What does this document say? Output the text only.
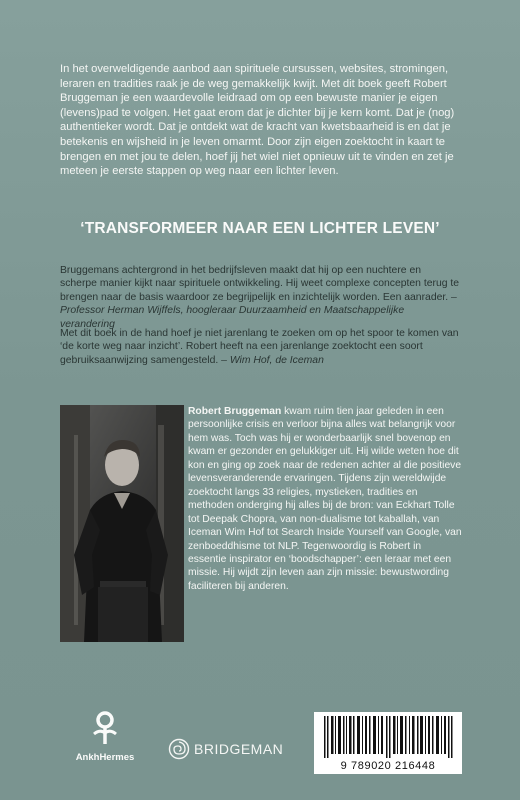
In het overweldigende aanbod aan spirituele cursussen, websites, stromingen, leraren en tradities raak je de weg gemakkelijk kwijt. Met dit boek geeft Robert Bruggeman je een waardevolle leidraad om op een bewuste manier je eigen (levens)pad te volgen. Het gaat erom dat je dichter bij je kern komt. Dat je (nog) authentieker wordt. Dat je ontdekt wat de kracht van kwetsbaarheid is en dat je betekenis en wijsheid in je leven omarmt. Door zijn eigen zoektocht in kaart te brengen en met jou te delen, hoef jij het wiel niet opnieuw uit te vinden en zet je meteen je eerste stappen op weg naar een lichter leven.

‘TRANSFORMEER NAAR EEN LICHTER LEVEN’

Bruggemans achtergrond in het bedrijfsleven maakt dat hij op een nuchtere en scherpe manier kijkt naar spirituele ontwikkeling. Hij weet complexe concepten terug te brengen naar de basis waardoor ze begrijpelijk en inzichtelijk worden. Een aanrader. – Professor Herman Wijffels, hoogleraar Duurzaamheid en Maatschappelijke verandering

Met dit boek in de hand hoef je niet jarenlang te zoeken om op het spoor te komen van ‘de korte weg naar inzicht’. Robert heeft na een jarenlange zoektocht een soort gebruiksaanwijzing samengesteld. – Wim Hof, de Iceman

Robert Bruggeman kwam ruim tien jaar geleden in een persoonlijke crisis en verloor bijna alles wat belangrijk voor hem was. Toch was hij er wonderbaarlijk snel bovenop en kwam er gezonder en gelukkiger uit. Hij wilde weten hoe dit kon en ging op zoek naar de redenen achter al die positieve levensveranderende ervaringen. Tijdens zijn wereldwijde zoektocht langs 33 religies, mystieken, tradities en methoden onderging hij alles bij de bron: van Eckhart Tolle tot Deepak Chopra, van non-dualisme tot kaballah, van Iceman Wim Hof tot Search Inside Yourself van Google, van zenboeddhisme tot NLP. Tegenwoordig is Robert in essentie inspirator en ‘boodschapper’: een leraar met een missie. Hij wijdt zijn leven aan zijn missie: bewustwording faciliteren bij anderen.

AnkhHermes
BRIDGEMAN
9 789020 216448
